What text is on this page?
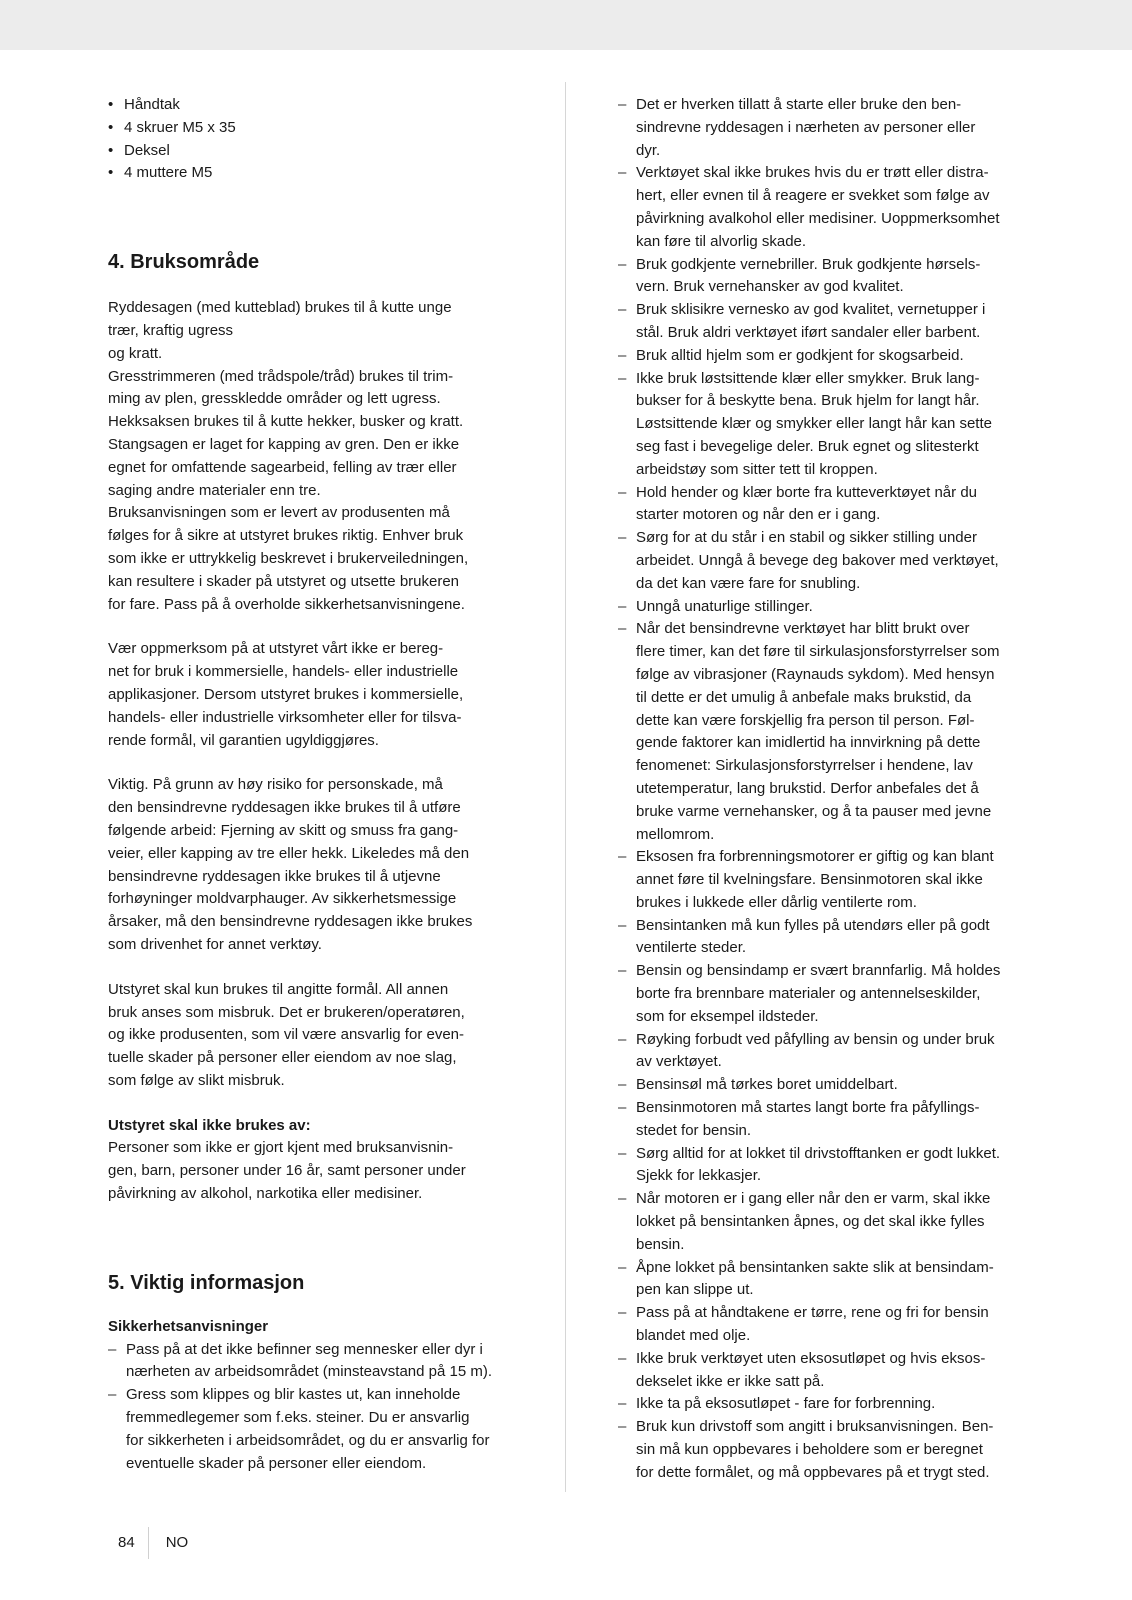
• Håndtak
• 4 skruer M5 x 35
• Deksel
• 4 muttere M5
4. Bruksområde

Ryddesagen (med kutteblad) brukes til å kutte unge

trær, kraftig ugress

og kratt.

Gresstrimmeren (med trådspole/tråd) brukes til trim-

ming av plen, gresskledde områder og lett ugress.

Hekksaksen brukes til å kutte hekker, busker og kratt.

Stangsagen er laget for kapping av gren. Den er ikke

egnet for omfattende sagearbeid, felling av trær eller

saging andre materialer enn tre.

Bruksanvisningen som er levert av produsenten må

følges for å sikre at utstyret brukes riktig. Enhver bruk

som ikke er uttrykkelig beskrevet i brukerveiledningen,

kan resultere i skader på utstyret og utsette brukeren

for fare. Pass på å overholde sikkerhetsanvisningene.

Vær oppmerksom på at utstyret vårt ikke er bereg-

net for bruk i kommersielle, handels- eller industrielle

applikasjoner. Dersom utstyret brukes i kommersielle,

handels- eller industrielle virksomheter eller for tilsva-

rende formål, vil garantien ugyldiggjøres.

Viktig. På grunn av høy risiko for personskade, må

den bensindrevne ryddesagen ikke brukes til å utføre

følgende arbeid: Fjerning av skitt og smuss fra gang-

veier, eller kapping av tre eller hekk. Likeledes må den

bensindrevne ryddesagen ikke brukes til å utjevne

forhøyninger moldvarphauger. Av sikkerhetsmessige

årsaker, må den bensindrevne ryddesagen ikke brukes

som drivenhet for annet verktøy.

Utstyret skal kun brukes til angitte formål. All annen

bruk anses som misbruk. Det er brukeren/operatøren,

og ikke produsenten, som vil være ansvarlig for even-

tuelle skader på personer eller eiendom av noe slag,

som følge av slikt misbruk.

Utstyret skal ikke brukes av:

Personer som ikke er gjort kjent med bruksanvisnin-

gen, barn, personer under 16 år, samt personer under

påvirkning av alkohol, narkotika eller medisiner.

5. Viktig informasjon

Sikkerhetsanvisninger

– Pass på at det ikke befinner seg mennesker eller dyr i
nærheten av arbeidsområdet (minsteavstand på 15 m).
– Gress som klippes og blir kastes ut, kan inneholde
fremmedlegemer som f.eks. steiner. Du er ansvarlig
for sikkerheten i arbeidsområdet, og du er ansvarlig for
eventuelle skader på personer eller eiendom.
– Det er hverken tillatt å starte eller bruke den ben-
sindrevne ryddesagen i nærheten av personer eller
dyr.
– Verktøyet skal ikke brukes hvis du er trøtt eller distra-
hert, eller evnen til å reagere er svekket som følge av
påvirkning avalkohol eller medisiner. Uoppmerksomhet
kan føre til alvorlig skade.
– Bruk godkjente vernebriller. Bruk godkjente hørsels-
vern. Bruk vernehansker av god kvalitet.
– Bruk sklisikre vernesko av god kvalitet, vernetupper i
stål. Bruk aldri verktøyet iført sandaler eller barbent.
– Bruk alltid hjelm som er godkjent for skogsarbeid.
– Ikke bruk løstsittende klær eller smykker. Bruk lang-
bukser for å beskytte bena. Bruk hjelm for langt hår.
Løstsittende klær og smykker eller langt hår kan sette
seg fast i bevegelige deler. Bruk egnet og slitesterkt
arbeidstøy som sitter tett til kroppen.
– Hold hender og klær borte fra kutteverktøyet når du
starter motoren og når den er i gang.
– Sørg for at du står i en stabil og sikker stilling under
arbeidet. Unngå å bevege deg bakover med verktøyet,
da det kan være fare for snubling.
– Unngå unaturlige stillinger.
– Når det bensindrevne verktøyet har blitt brukt over
flere timer, kan det føre til sirkulasjonsforstyrrelser som
følge av vibrasjoner (Raynauds sykdom). Med hensyn
til dette er det umulig å anbefale maks brukstid, da
dette kan være forskjellig fra person til person. Føl-
gende faktorer kan imidlertid ha innvirkning på dette
fenomenet: Sirkulasjonsforstyrrelser i hendene, lav
utetemperatur, lang brukstid. Derfor anbefales det å
bruke varme vernehansker, og å ta pauser med jevne
mellomrom.
– Eksosen fra forbrenningsmotorer er giftig og kan blant
annet føre til kvelningsfare. Bensinmotoren skal ikke
brukes i lukkede eller dårlig ventilerte rom.
– Bensintanken må kun fylles på utendørs eller på godt
ventilerte steder.
– Bensin og bensindamp er svært brannfarlig. Må holdes
borte fra brennbare materialer og antennelseskilder,
som for eksempel ildsteder.
– Røyking forbudt ved påfylling av bensin og under bruk
av verktøyet.
– Bensinsøl må tørkes boret umiddelbart.
– Bensinmotoren må startes langt borte fra påfyllings-
stedet for bensin.
– Sørg alltid for at lokket til drivstofftanken er godt lukket.
Sjekk for lekkasjer.
– Når motoren er i gang eller når den er varm, skal ikke
lokket på bensintanken åpnes, og det skal ikke fylles
bensin.
– Åpne lokket på bensintanken sakte slik at bensindam-
pen kan slippe ut.
– Pass på at håndtakene er tørre, rene og fri for bensin
blandet med olje.
– Ikke bruk verktøyet uten eksosutløpet og hvis eksos-
dekselet ikke er ikke satt på.
– Ikke ta på eksosutløpet - fare for forbrenning.
– Bruk kun drivstoff som angitt i bruksanvisningen. Ben-
sin må kun oppbevares i beholdere som er beregnet
for dette formålet, og må oppbevares på et trygt sted.
84 NO
